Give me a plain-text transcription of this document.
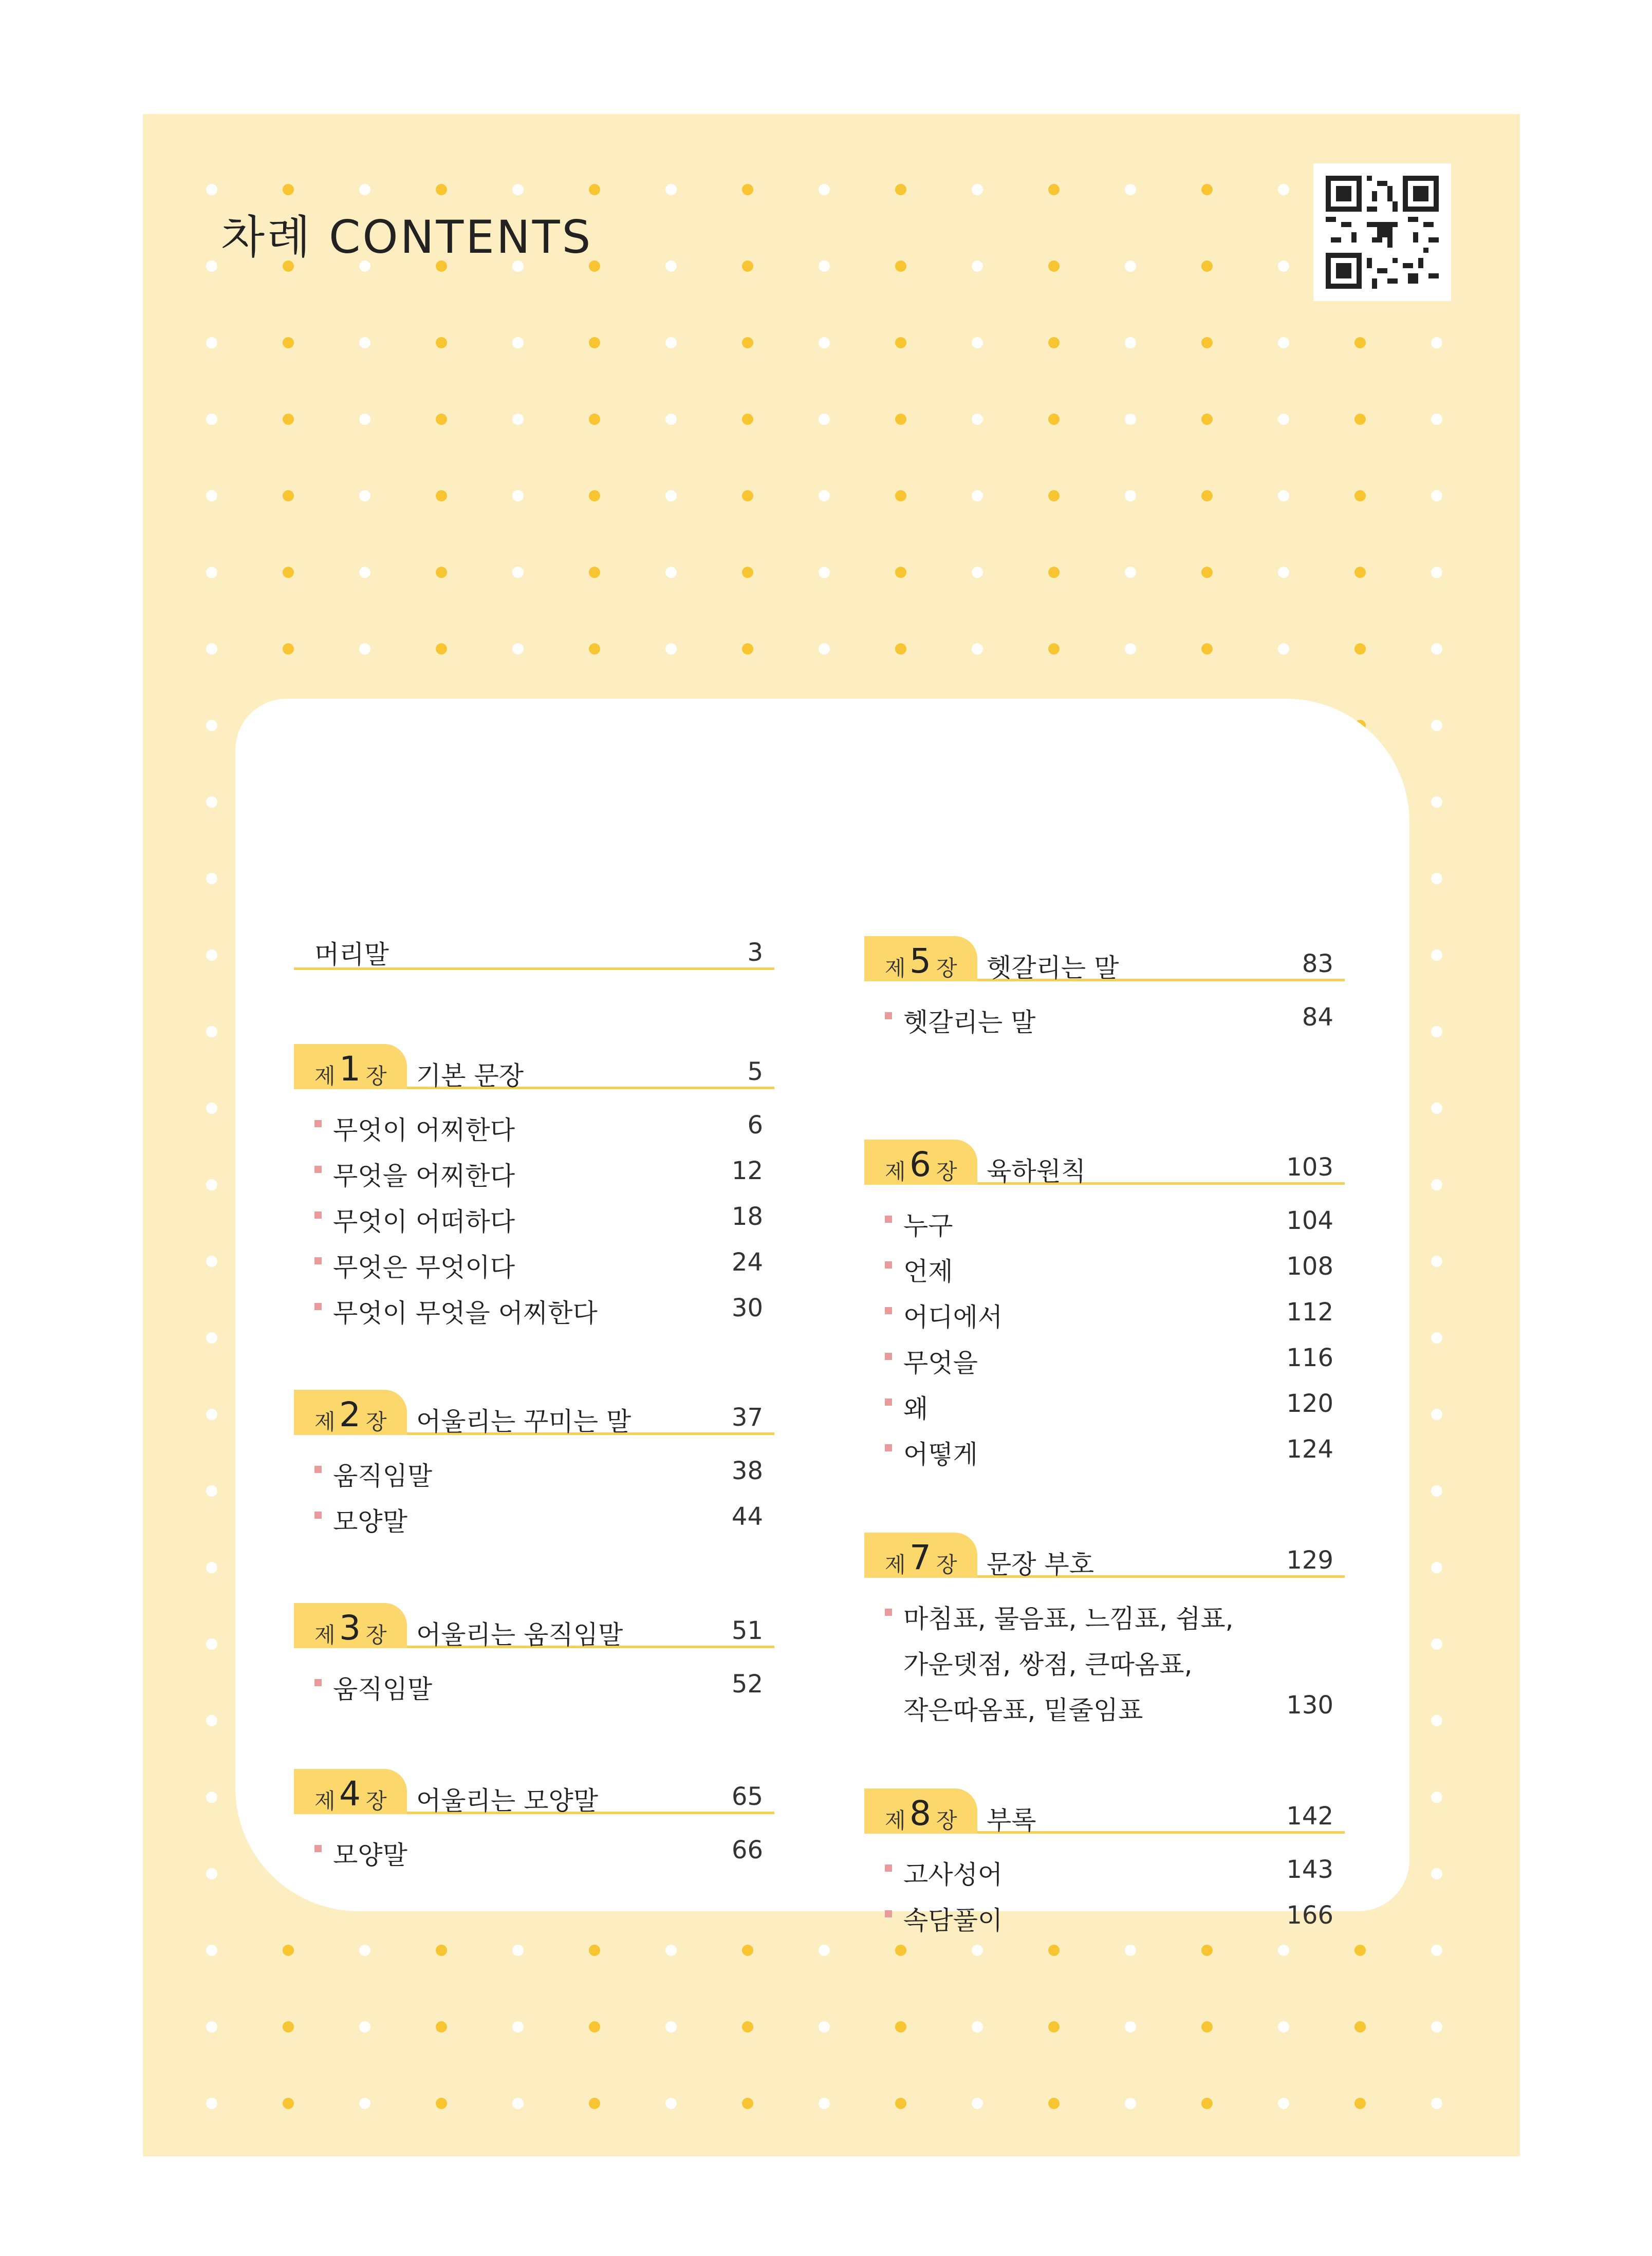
차례 CONTENTS
머리말	3
제 1 장 기본 문장	5
무엇이 어찌한다	6
무엇을 어찌한다	12
무엇이 어떠하다	18
무엇은 무엇이다	24
무엇이 무엇을 어찌한다	30
제 2 장 어울리는 꾸미는 말	37
움직임말	38
모양말	44
제 3 장 어울리는 움직임말	51
움직임말	52
제 4 장 어울리는 모양말	65
모양말	66
제 5 장 헷갈리는 말	83
헷갈리는 말	84
제 6 장 육하원칙	103
누구	104
언제	108
어디에서	112
무엇을	116
왜	120
어떻게	124
제 7 장 문장 부호	129
마침표, 물음표, 느낌표, 쉼표,
가운뎃점, 쌍점, 큰따옴표,
작은따옴표, 밑줄임표	130
제 8 장 부록	142
고사성어	143
속담풀이	166
